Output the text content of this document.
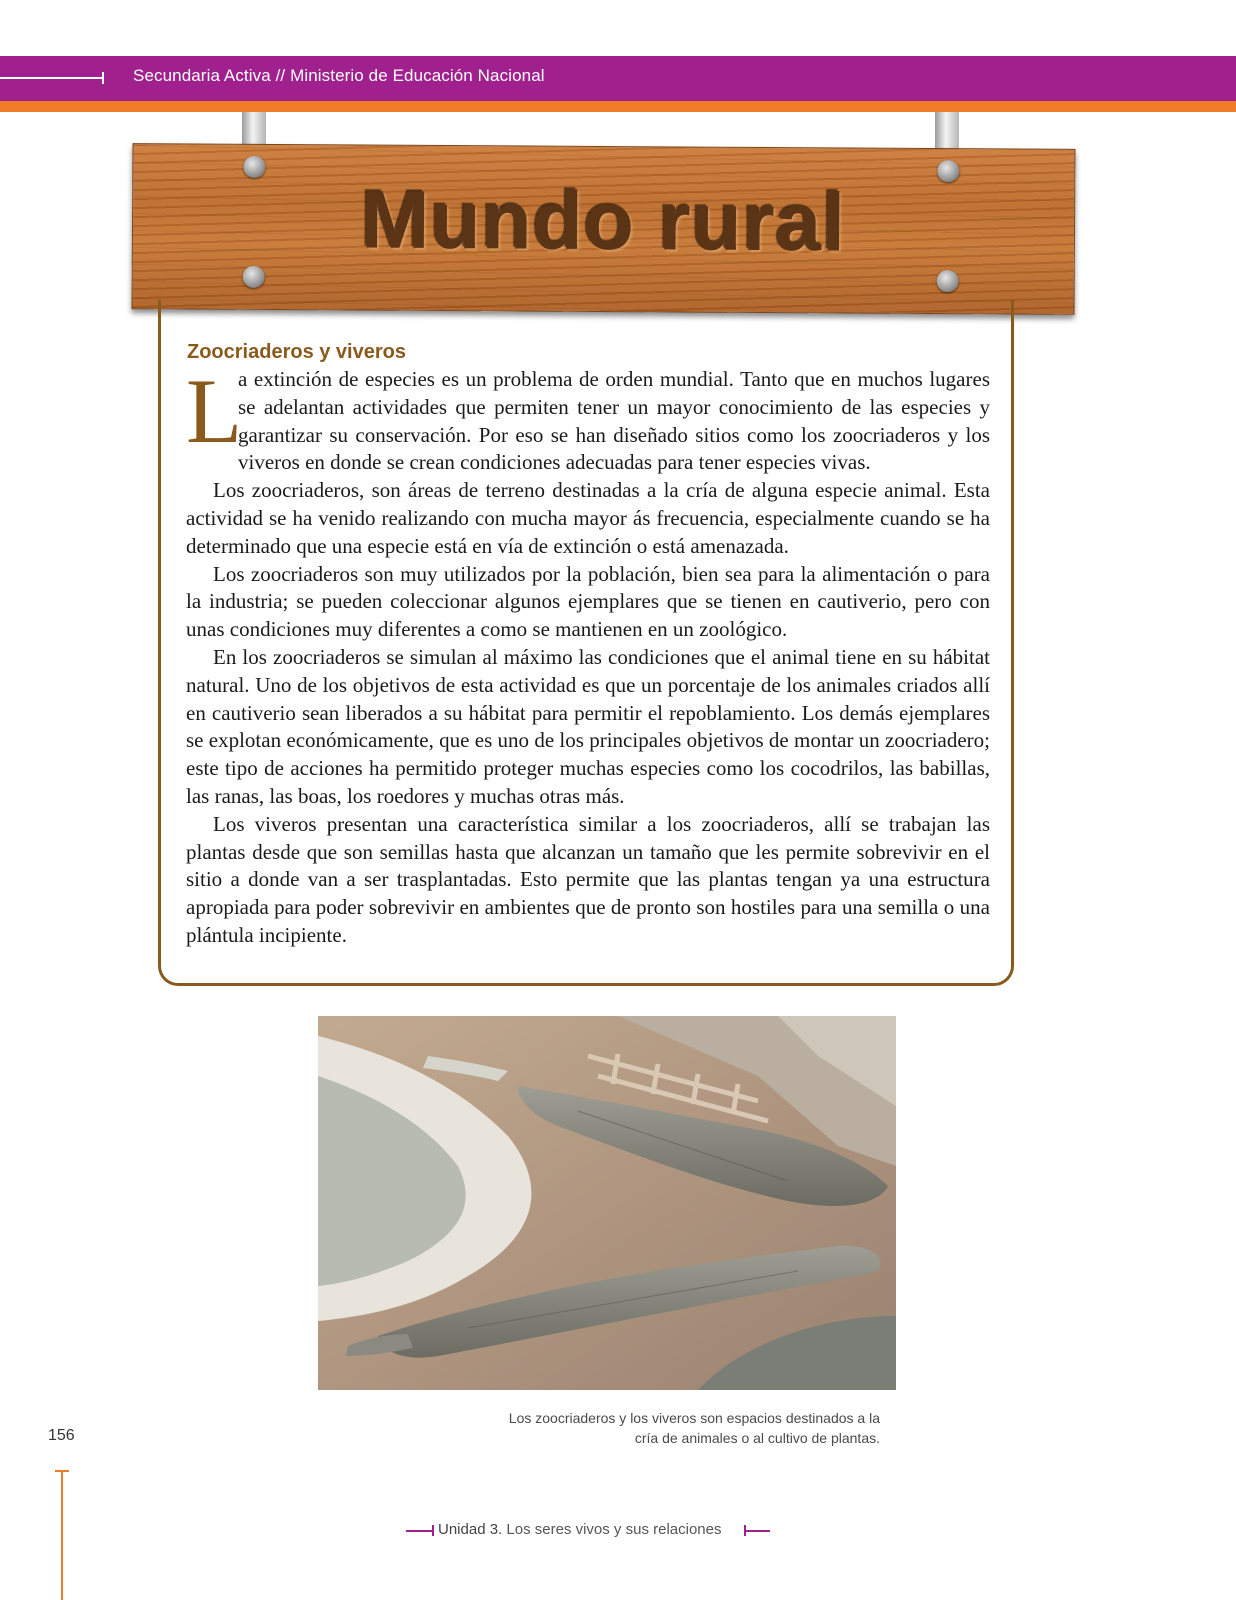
Secundaria Activa // Ministerio de Educación Nacional
Mundo rural
Zoocriaderos y viveros
L

a extinción de especies es un problema de orden mundial. Tanto que en muchos lugares se adelantan actividades que permiten tener un mayor conocimiento de las especies y garantizar su conservación. Por eso se han diseñado sitios como los zoocriaderos y los viveros en donde se crean condiciones adecuadas para tener especies vivas.

Los zoocriaderos, son áreas de terreno destinadas a la cría de alguna especie animal. Esta actividad se ha venido realizando con mucha mayor ás frecuencia, especialmente cuando se ha determinado que una especie está en vía de extinción o está amenazada.

Los zoocriaderos son muy utilizados por la población, bien sea para la alimentación o para la industria; se pueden coleccionar algunos ejemplares que se tienen en cautiverio, pero con unas condiciones muy diferentes a como se mantienen en un zoológico.

En los zoocriaderos se simulan al máximo las condiciones que el animal tiene en su hábitat natural. Uno de los objetivos de esta actividad es que un porcentaje de los animales criados allí en cautiverio sean liberados a su hábitat para permitir el repoblamiento. Los demás ejemplares se explotan económicamente, que es uno de los principales objetivos de montar un zoocriadero; este tipo de acciones ha permitido proteger muchas especies como los cocodrilos, las babillas, las ranas, las boas, los roedores y muchas otras más.

Los viveros presentan una característica similar a los zoocriaderos, allí se trabajan las plantas desde que son semillas hasta que alcanzan un tamaño que les permite sobrevivir en el sitio a donde van a ser trasplantadas. Esto permite que las plantas tengan ya una estructura apropiada para poder sobrevivir en ambientes que de pronto son hostiles para una semilla o una plántula incipiente.

Los zoocriaderos y los viveros son espacios destinados a la
cría de animales o al cultivo de plantas.
156
Unidad 3. Los seres vivos y sus relaciones
